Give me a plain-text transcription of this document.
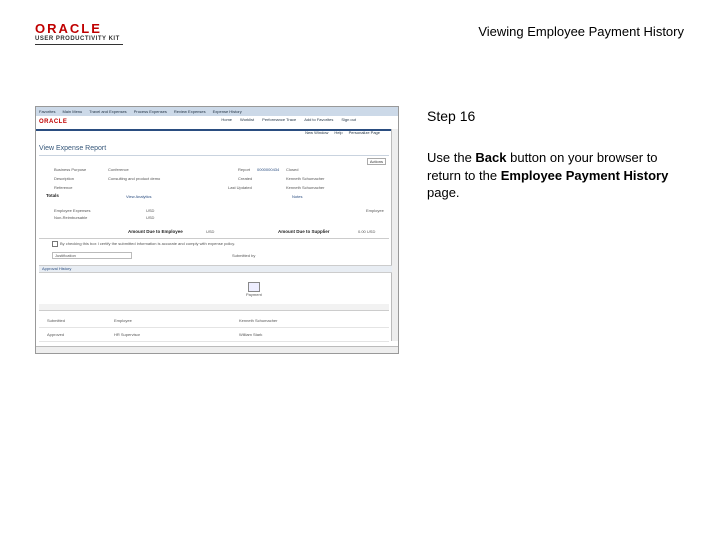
ORACLE
USER PRODUCTIVITY KIT	Viewing Employee Payment History
Favorites Main Menu Travel and Expenses Process Expenses Review Expenses Expense History
ORACLE	Home Worklist Performance Trace Add to Favorites Sign out
New Window Help Personalize Page
View Expense Report
Actions
Business Purpose	Conference
Description	Consulting and product demo
Reference
Report 0000000434 Closed
Created	Kenneth Schumacher
Last Updated	Kenneth Schumacher
Totals	View Analytics	Notes
Employee Expenses	USD
Non-Reimbursable	USD
Employee
Amount Due to Employee	USD	Amount Due to Supplier	0.00 USD
By checking this box I certify the submitted information is accurate and comply with expense policy.
Justification	Submitted by
Approval History
Payment
Submitted	Employee	Kenneth Schumacher
Approved	HR Supervisor	William Stark
Step 16
Use the Back button on your browser to return to the Employee Payment History page.
